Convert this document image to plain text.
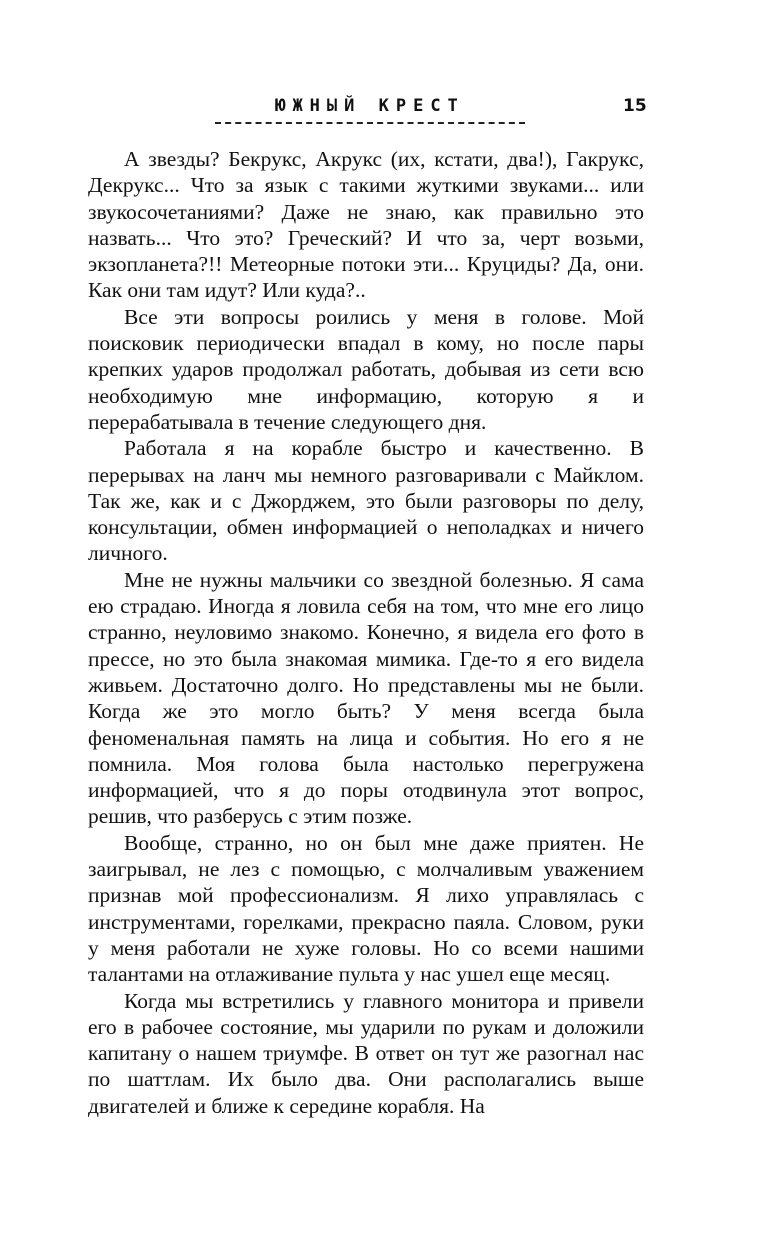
ЮЖНЫЙ КРЕСТ	15

А звезды? Бекрукс, Акрукс (их, кстати, два!), Гакрукс, Декрукс... Что за язык с такими жуткими звуками... или звукосочетаниями? Даже не знаю, как правильно это назвать... Что это? Греческий? И что за, черт возьми, экзопланета?!! Метеорные потоки эти... Круциды? Да, они. Как они там идут? Или куда?..

Все эти вопросы роились у меня в голове. Мой поисковик периодически впадал в кому, но после пары крепких ударов продолжал работать, добывая из сети всю необходимую мне информацию, которую я и перерабатывала в течение следующего дня.

Работала я на корабле быстро и качественно. В перерывах на ланч мы немного разговаривали с Майклом. Так же, как и с Джорджем, это были разговоры по делу, консультации, обмен информацией о неполадках и ничего личного.

Мне не нужны мальчики со звездной болезнью. Я сама ею страдаю. Иногда я ловила себя на том, что мне его лицо странно, неуловимо знакомо. Конечно, я видела его фото в прессе, но это была знакомая мимика. Где-то я его видела живьем. Достаточно долго. Но представлены мы не были. Когда же это могло быть? У меня всегда была феноменальная память на лица и события. Но его я не помнила. Моя голова была настолько перегружена информацией, что я до поры отодвинула этот вопрос, решив, что разберусь с этим позже.

Вообще, странно, но он был мне даже приятен. Не заигрывал, не лез с помощью, с молчаливым уважением признав мой профессионализм. Я лихо управлялась с инструментами, горелками, прекрасно паяла. Словом, руки у меня работали не хуже головы. Но со всеми нашими талантами на отлаживание пульта у нас ушел еще месяц.

Когда мы встретились у главного монитора и привели его в рабочее состояние, мы ударили по рукам и доложили капитану о нашем триумфе. В ответ он тут же разогнал нас по шаттлам. Их было два. Они располагались выше двигателей и ближе к середине корабля. На
